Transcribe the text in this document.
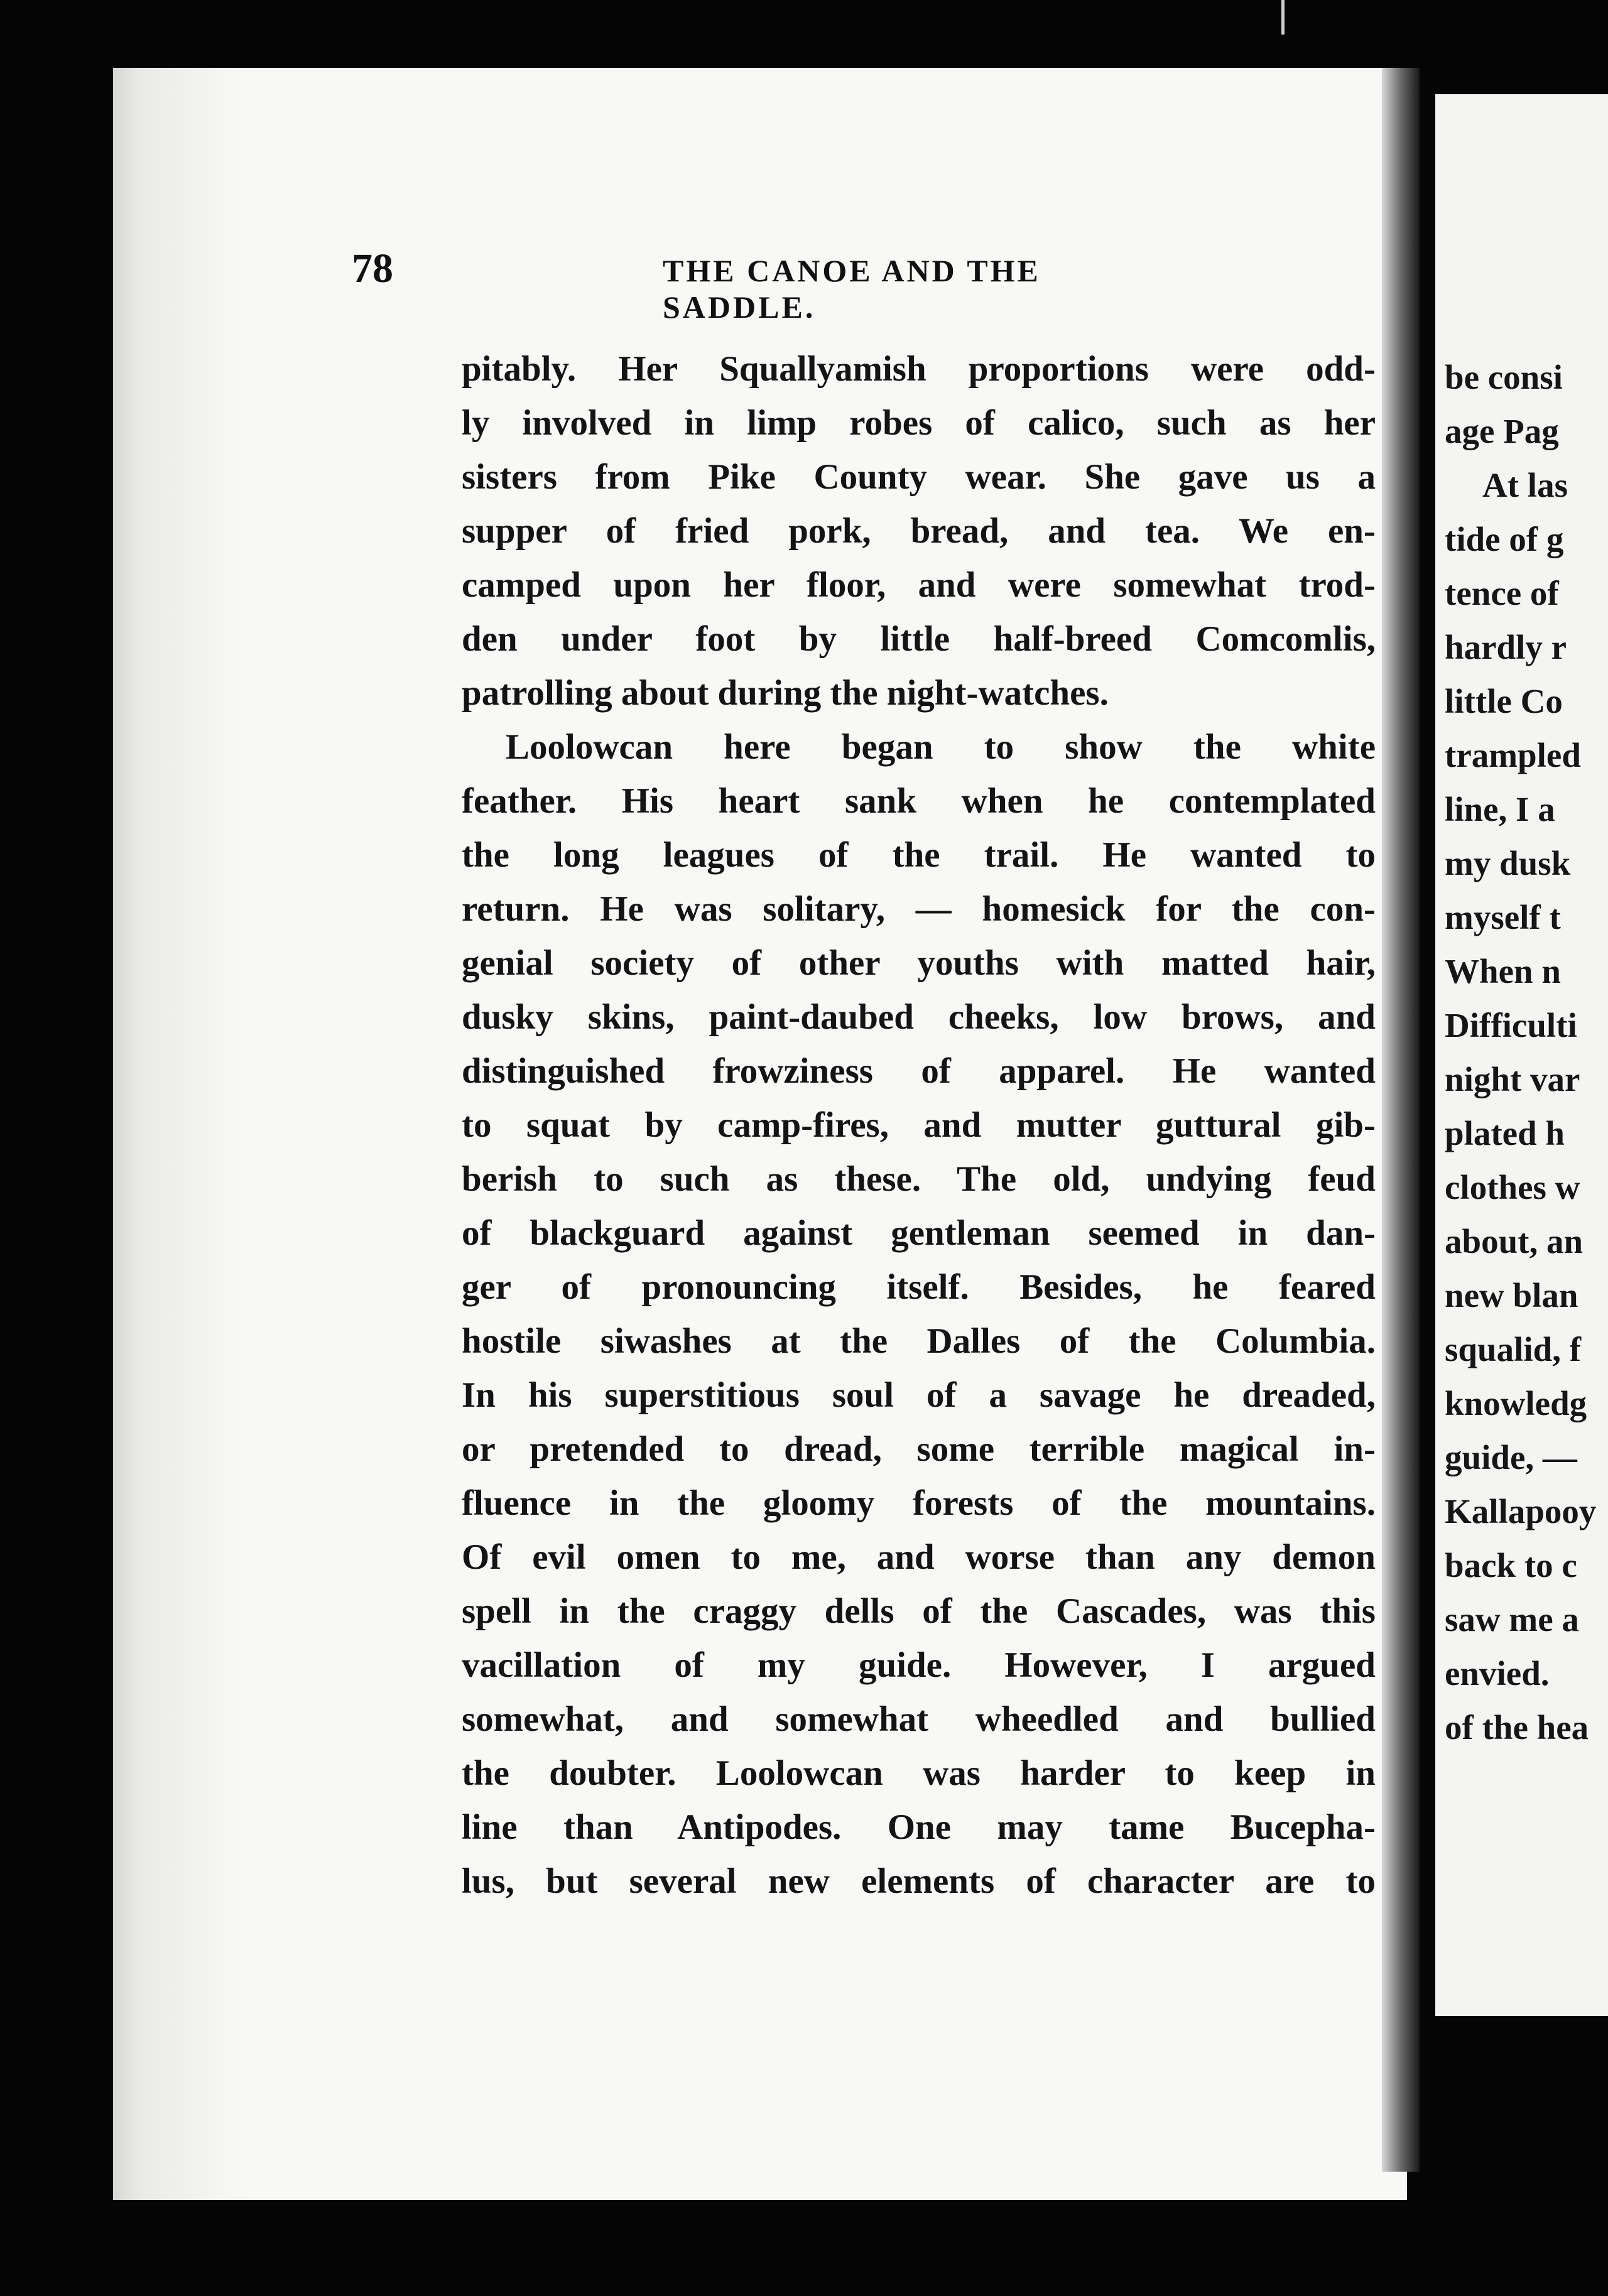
78	THE CANOE AND THE SADDLE.
pitably. Her Squallyamish proportions were odd-
ly involved in limp robes of calico, such as her
sisters from Pike County wear. She gave us a
supper of fried pork, bread, and tea. We en-
camped upon her floor, and were somewhat trod-
den under foot by little half-breed Comcomlis,
patrolling about during the night-watches.
Loolowcan here began to show the white
feather. His heart sank when he contemplated
the long leagues of the trail. He wanted to
return. He was solitary, — homesick for the con-
genial society of other youths with matted hair,
dusky skins, paint-daubed cheeks, low brows, and
distinguished frowziness of apparel. He wanted
to squat by camp-fires, and mutter guttural gib-
berish to such as these. The old, undying feud
of blackguard against gentleman seemed in dan-
ger of pronouncing itself. Besides, he feared
hostile siwashes at the Dalles of the Columbia.
In his superstitious soul of a savage he dreaded,
or pretended to dread, some terrible magical in-
fluence in the gloomy forests of the mountains.
Of evil omen to me, and worse than any demon
spell in the craggy dells of the Cascades, was this
vacillation of my guide. However, I argued
somewhat, and somewhat wheedled and bullied
the doubter. Loolowcan was harder to keep in
line than Antipodes. One may tame Bucepha-
lus, but several new elements of character are to
be consi
age Pag
At las
tide of g
tence of
hardly r
little Co
trampled
line, I a
my dusk
myself t
When n
Difficulti
night var
plated h
clothes w
about, an
new blan
squalid, f
knowledg
guide, —
Kallapooy
back to c
saw me a
envied.
of the hea
